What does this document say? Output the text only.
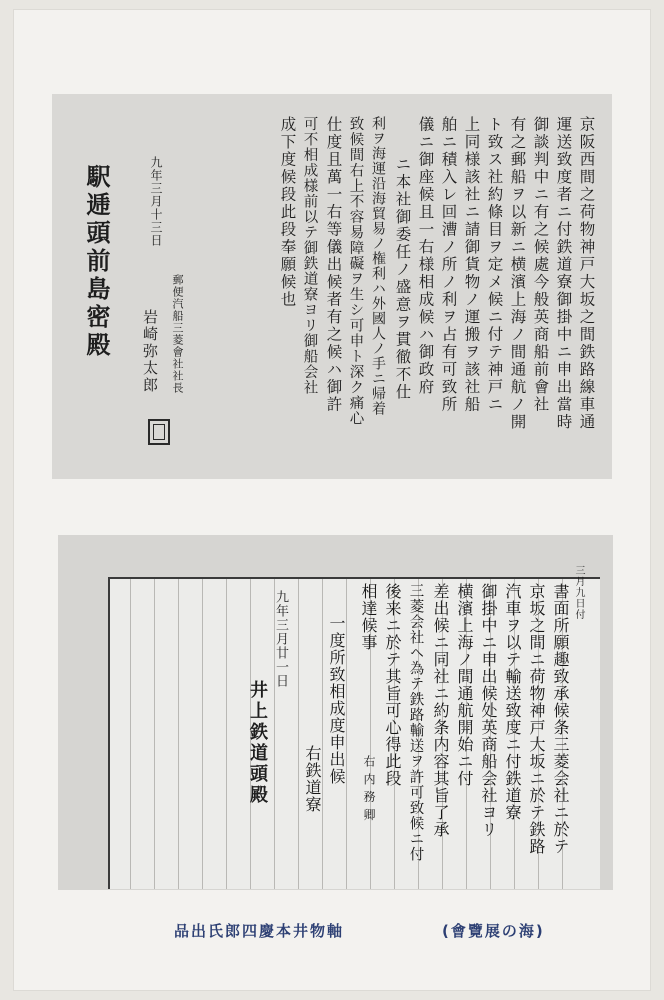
京阪西間之荷物神戸大坂之間鉄路線車通
運送致度者ニ付鉄道寮御掛中ニ申出當時
御談判中ニ有之候處今般英商船前會社
有之郵船ヲ以新ニ横濱上海ノ間通航ノ開
ト致ス社約條目ヲ定メ候ニ付テ神戸ニ
上同様該社ニ請御貨物ノ運搬ヲ該社船
舶ニ積入レ回漕ノ所ノ利ヲ占有可致所
儀ニ御座候且一右様相成候ハ御政府
ニ本社御委任ノ盛意ヲ貫徹不仕
利ヲ海運沿海貿易ノ権利ハ外國人ノ手ニ帰着
致候間右上不容易障礙ヲ生シ可申ト深ク痛心
仕度且萬一右等儀出候者有之候ハ御許
可不相成様前以テ御鉄道寮ヨリ御船会社
成下度候段此段奉願候也
九年三月十三日
郵便汽船三菱會社社長
岩崎弥太郎
駅逓頭前島密殿
三月九日付
書面所願趣致承候条三菱会社ニ於テ
京坂之間ニ荷物神戸大坂ニ於テ鉄路
汽車ヲ以テ輸送致度ニ付鉄道寮
御掛中ニ申出候处英商船会社ヨリ
横濱上海ノ間通航開始ニ付
差出候ニ同社ニ約条内容其旨了承
三菱会社ヘ為テ鉄路輸送ヲ許可致候ニ付
後来ニ於テ其旨可心得此段
相達候事
右 内 務 卿
一度所致相成度申出候
右鉄道寮
九年三月廿一日
井上鉄道頭殿
品出氏郎四慶本井物軸	(會覽展の海)
